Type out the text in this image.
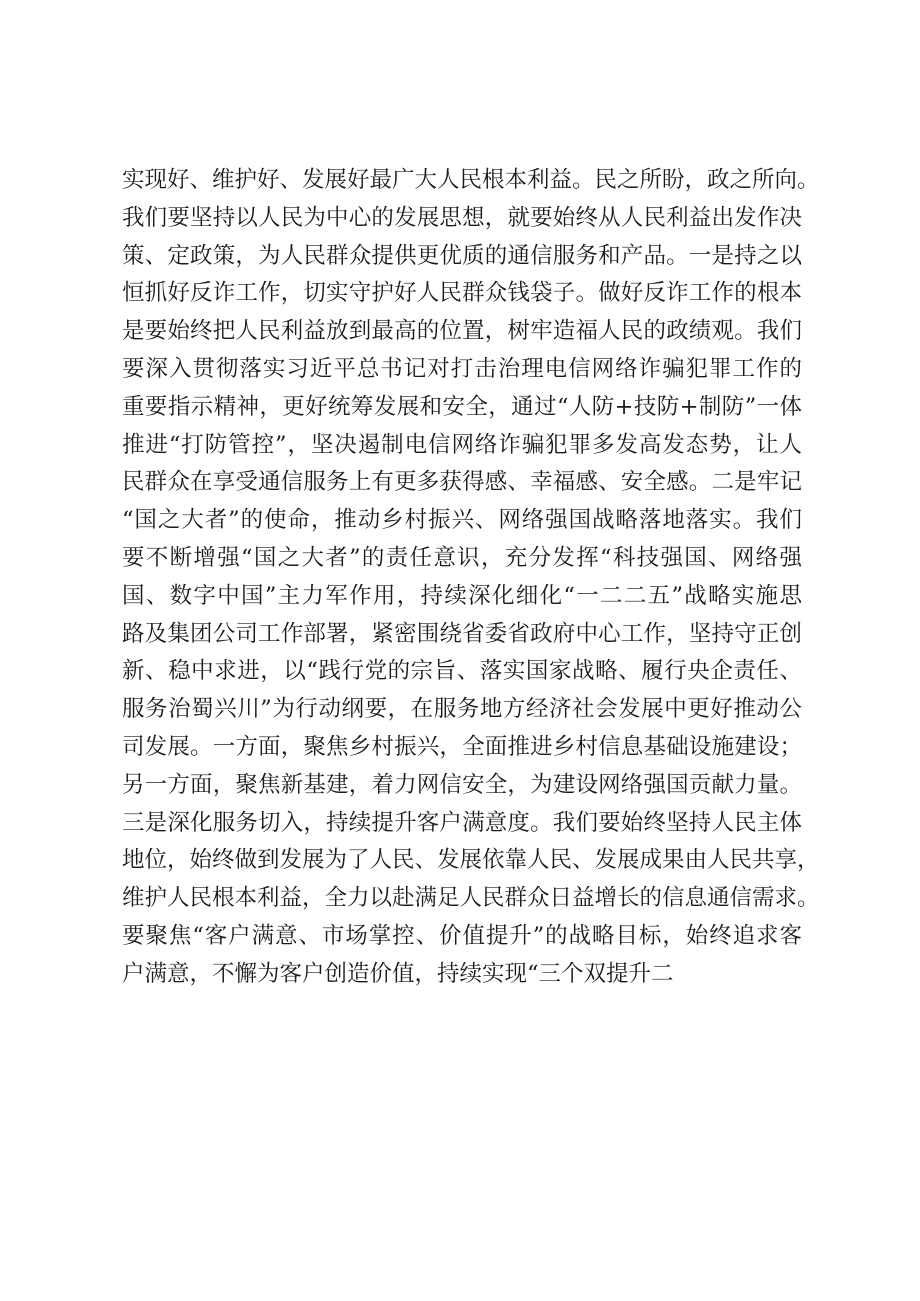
实现好、维护好、发展好最广大人民根本利益。民之所盼，政之所向。
我们要坚持以人民为中心的发展思想，就要始终从人民利益出发作决
策、定政策，为人民群众提供更优质的通信服务和产品。一是持之以
恒抓好反诈工作，切实守护好人民群众钱袋子。做好反诈工作的根本
是要始终把人民利益放到最高的位置，树牢造福人民的政绩观。我们
要深入贯彻落实习近平总书记对打击治理电信网络诈骗犯罪工作的
重要指示精神，更好统筹发展和安全，通过“人防+技防+制防”一体
推进“打防管控”，坚决遏制电信网络诈骗犯罪多发高发态势，让人
民群众在享受通信服务上有更多获得感、幸福感、安全感。二是牢记
“国之大者”的使命，推动乡村振兴、网络强国战略落地落实。我们
要不断增强“国之大者”的责任意识，充分发挥“科技强国、网络强
国、数字中国”主力军作用，持续深化细化“一二二五”战略实施思
路及集团公司工作部署，紧密围绕省委省政府中心工作，坚持守正创
新、稳中求进，以“践行党的宗旨、落实国家战略、履行央企责任、
服务治蜀兴川”为行动纲要，在服务地方经济社会发展中更好推动公
司发展。一方面，聚焦乡村振兴，全面推进乡村信息基础设施建设；
另一方面，聚焦新基建，着力网信安全，为建设网络强国贡献力量。
三是深化服务切入，持续提升客户满意度。我们要始终坚持人民主体
地位，始终做到发展为了人民、发展依靠人民、发展成果由人民共享，
维护人民根本利益，全力以赴满足人民群众日益增长的信息通信需求。
要聚焦“客户满意、市场掌控、价值提升”的战略目标，始终追求客
户满意，不懈为客户创造价值，持续实现“三个双提升二
